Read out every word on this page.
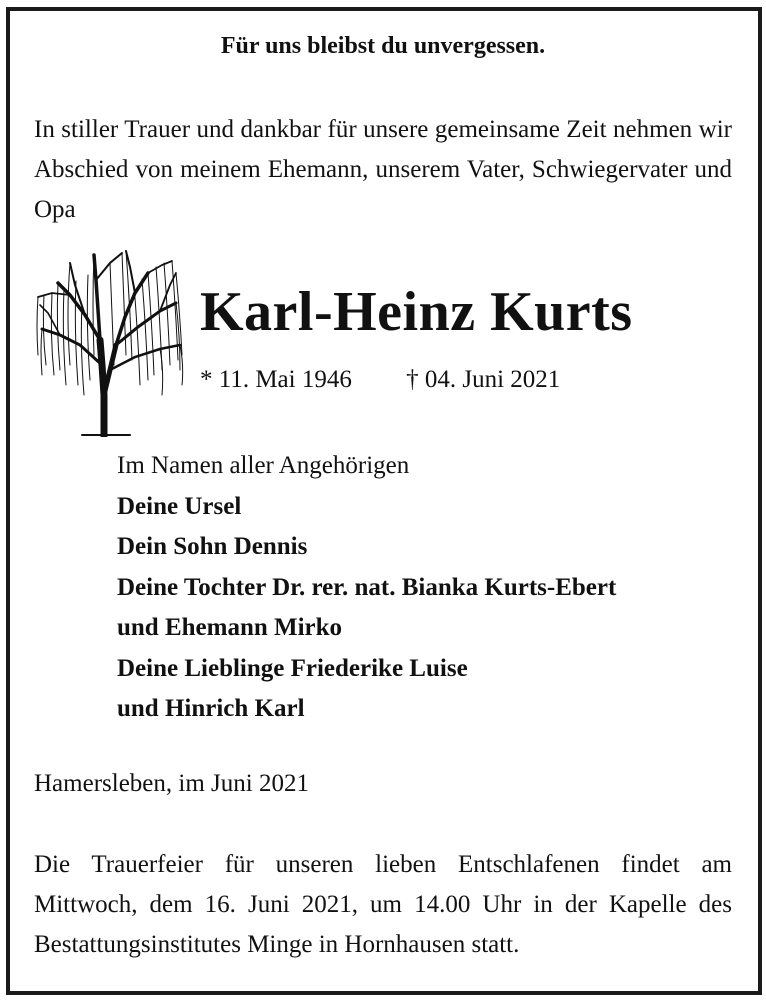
Für uns bleibst du unvergessen.

In stiller Trauer und dankbar für unsere gemeinsame Zeit nehmen wir Abschied von meinem Ehemann, unserem Vater, Schwiegervater und Opa

Karl-Heinz Kurts
* 11. Mai 1946 † 04. Juni 2021
Im Namen aller Angehörigen
Deine Ursel
Dein Sohn Dennis
Deine Tochter Dr. rer. nat. Bianka Kurts-Ebert
und Ehemann Mirko
Deine Lieblinge Friederike Luise
und Hinrich Karl
Hamersleben, im Juni 2021

Die Trauerfeier für unseren lieben Entschlafenen findet am Mittwoch, dem 16. Juni 2021, um 14.00 Uhr in der Kapelle des Bestattungsinstitutes Minge in Hornhausen statt.
